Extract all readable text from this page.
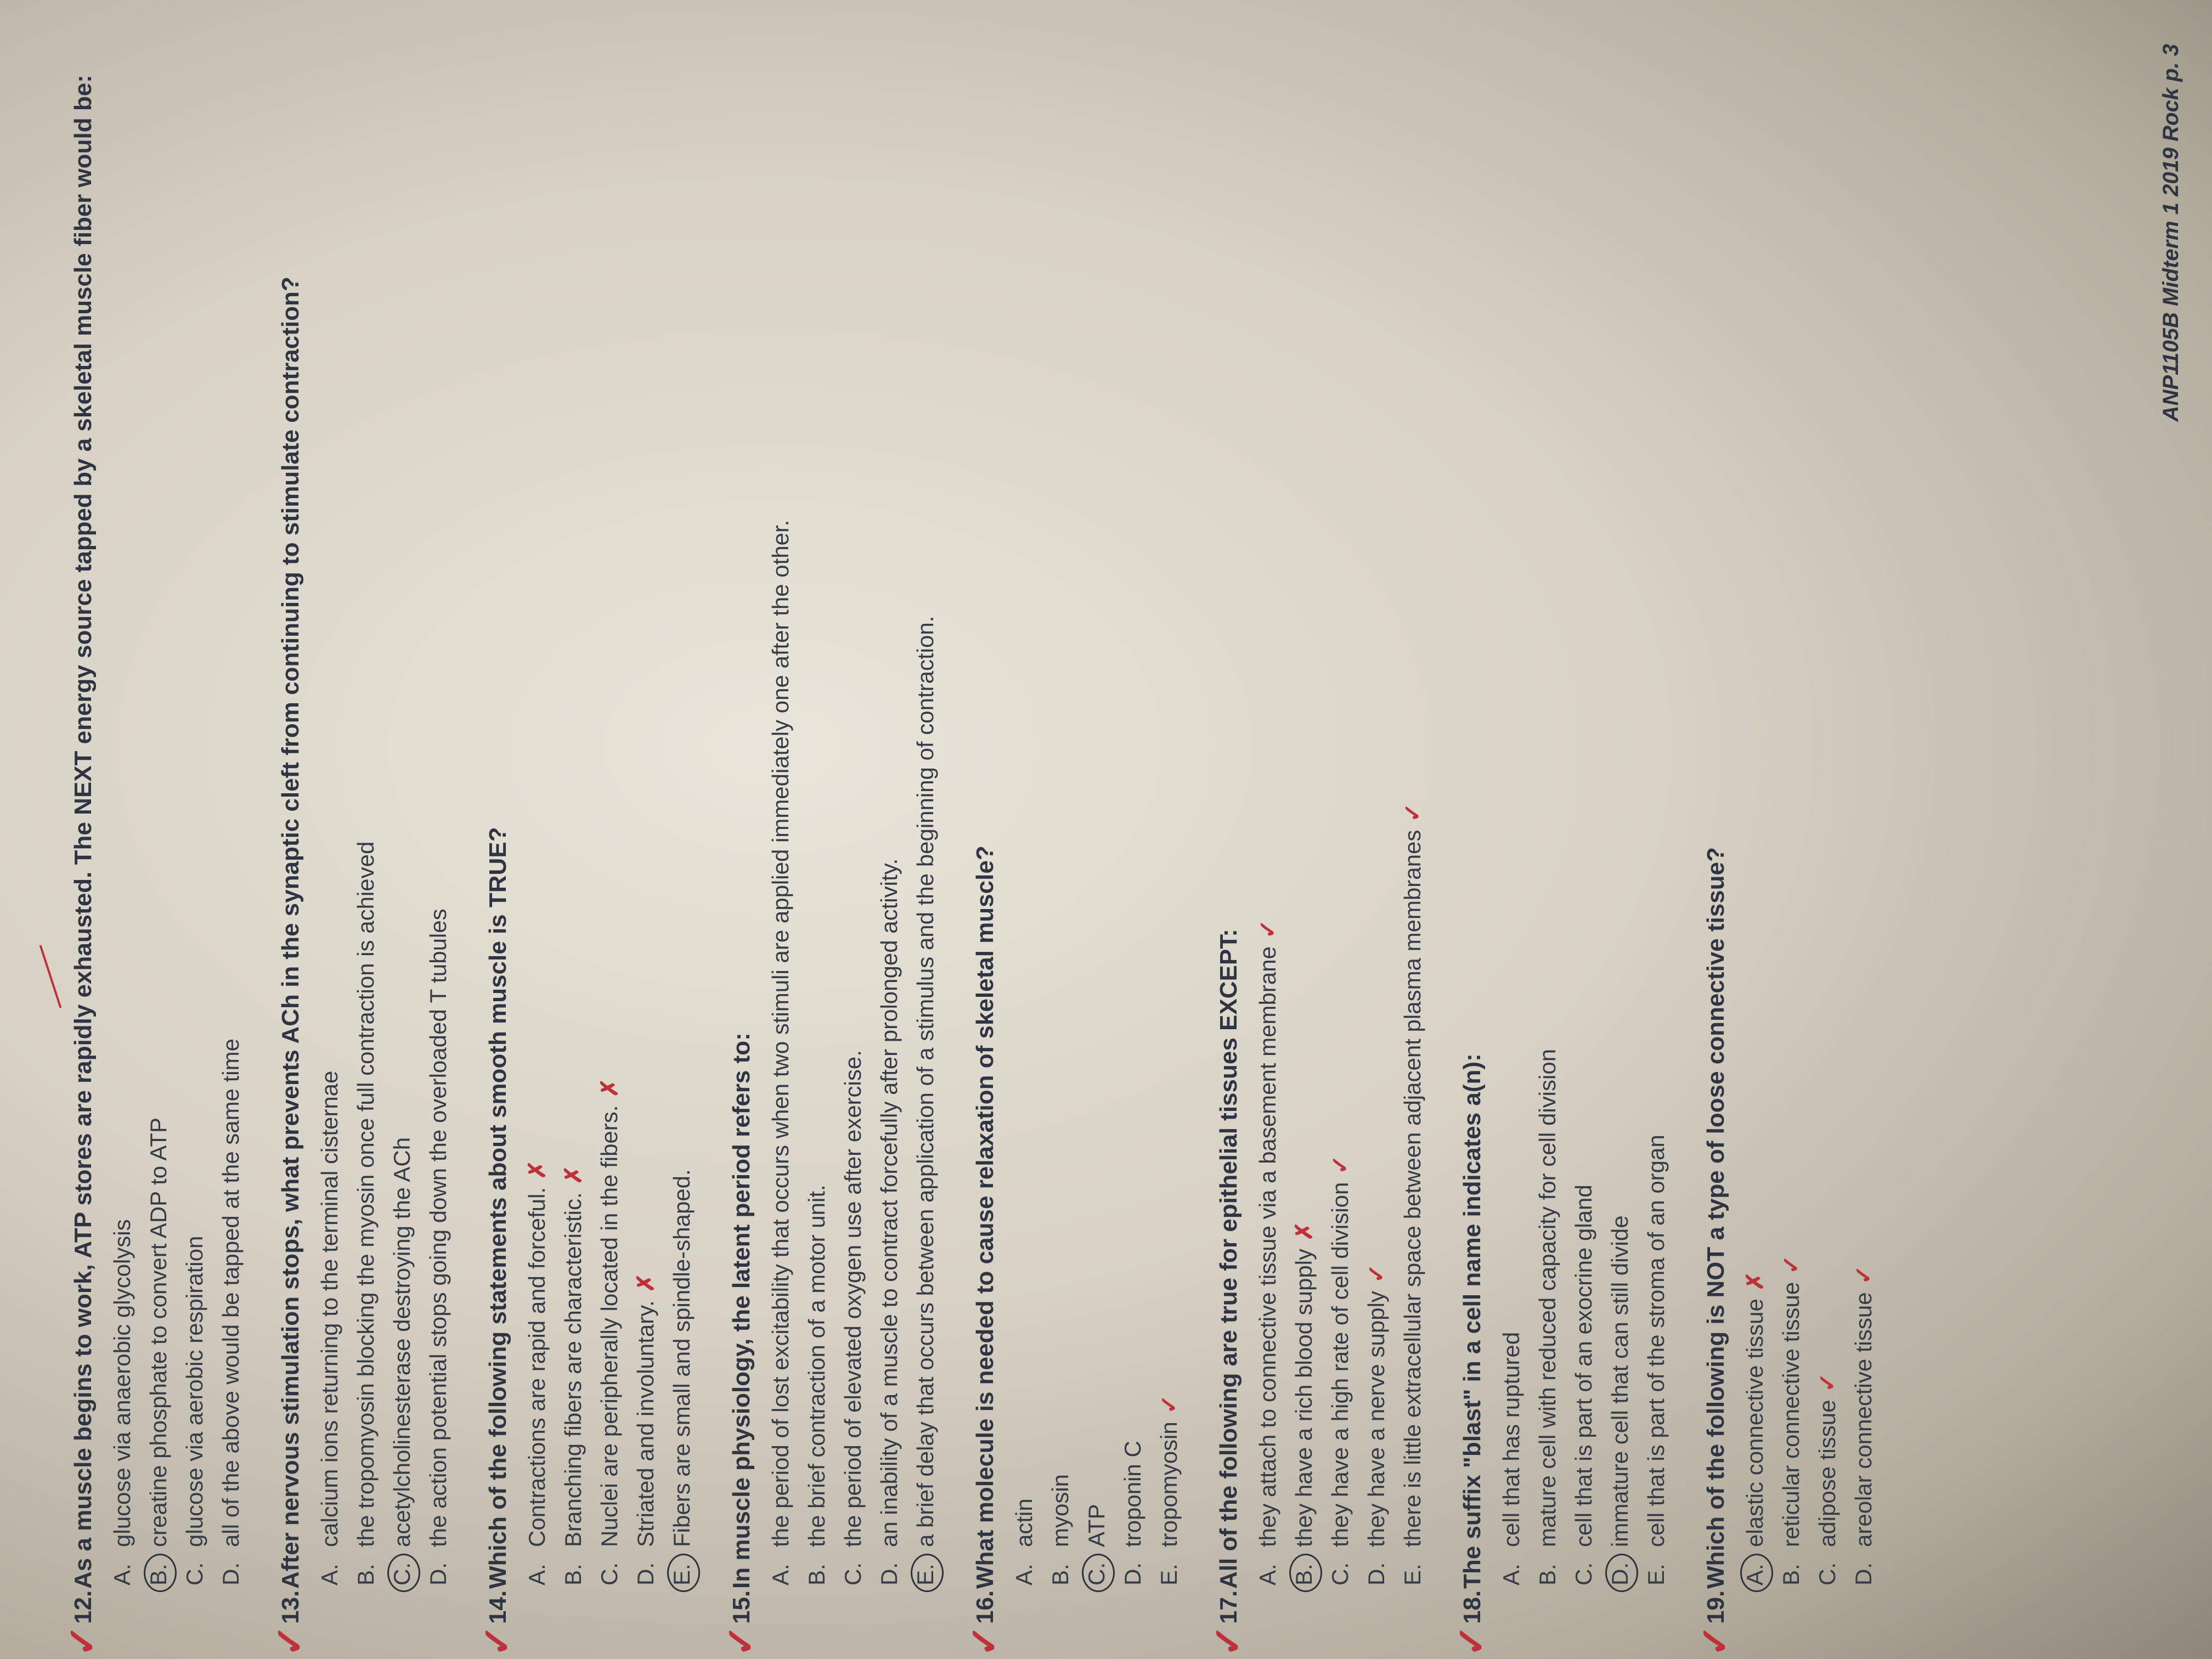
✓

12.As a muscle begins to work, ATP stores are rapidly exhausted. The NEXT energy source tapped by a skeletal muscle fiber would be: A.
glucose via anaerobic glycolysis
B.
creatine phosphate to convert ADP to ATP
C.
glucose via aerobic respiration
D.
all of the above would be tapped at the same time
✓

13.After nervous stimulation stops, what prevents ACh in the synaptic cleft from continuing to stimulate contraction? A.
calcium ions returning to the terminal cisternae
B.
the tropomyosin blocking the myosin once full contraction is achieved
C.
acetylcholinesterase destroying the ACh
D.
the action potential stops going down the overloaded T tubules
✓

14.Which of the following statements about smooth muscle is TRUE? A.
Contractions are rapid and forceful.✗
B.
Branching fibers are characteristic.✗
C.
Nuclei are peripherally located in the fibers.✗
D.
Striated and involuntary.✗
E.
Fibers are small and spindle-shaped.
✓

15.In muscle physiology, the latent period refers to: A.
the period of lost excitability that occurs when two stimuli are applied immediately one after the other.
B.
the brief contraction of a motor unit.
C.
the period of elevated oxygen use after exercise.
D.
an inability of a muscle to contract forcefully after prolonged activity.
E.
a brief delay that occurs between application of a stimulus and the beginning of contraction.
✓

16.What molecule is needed to cause relaxation of skeletal muscle? A.
actin
B.
myosin
C.
ATP
D.
troponin C
E.
tropomyosin✓
✓

17.All of the following are true for epithelial tissues EXCEPT: A.
they attach to connective tissue via a basement membrane✓
B.
they have a rich blood supply✗
C.
they have a high rate of cell division✓
D.
they have a nerve supply✓
E.
there is little extracellular space between adjacent plasma membranes✓
✓

18.The suffix "blast" in a cell name indicates a(n): A.
cell that has ruptured
B.
mature cell with reduced capacity for cell division
C.
cell that is part of an exocrine gland
D.
immature cell that can still divide
E.
cell that is part of the stroma of an organ
✓

19.Which of the following is NOT a type of loose connective tissue? A.
elastic connective tissue✗
B.
reticular connective tissue✓
C.
adipose tissue✓
D.
areolar connective tissue✓
ANP1105B Midterm 1 2019 Rock p. 3
